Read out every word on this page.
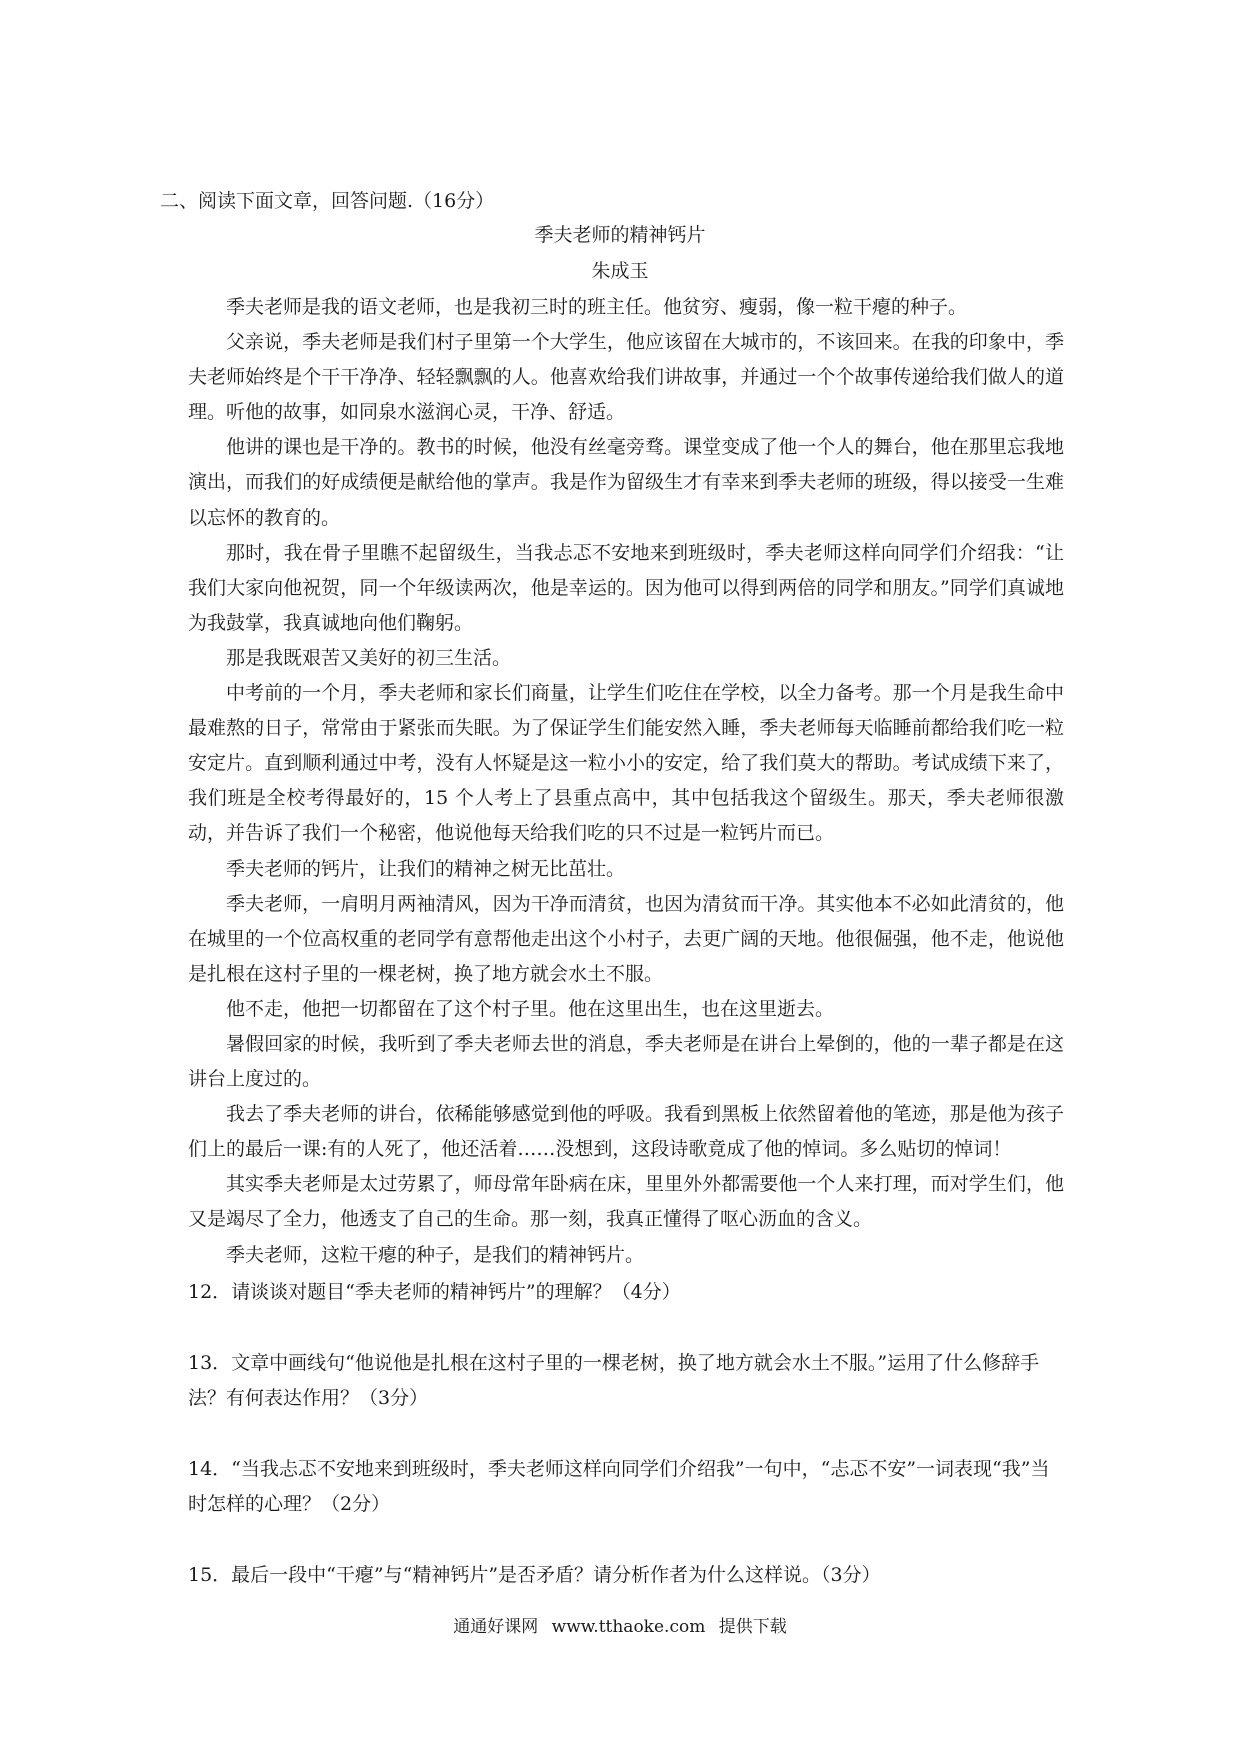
二、阅读下面文章，回答问题.（16分）
季夫老师的精神钙片
朱成玉

季夫老师是我的语文老师，也是我初三时的班主任。他贫穷、瘦弱，像一粒干瘪的种子。

父亲说，季夫老师是我们村子里第一个大学生，他应该留在大城市的，不该回来。在我的印象中，季夫老师始终是个干干净净、轻轻飘飘的人。他喜欢给我们讲故事，并通过一个个故事传递给我们做人的道理。听他的故事，如同泉水滋润心灵，干净、舒适。

他讲的课也是干净的。教书的时候，他没有丝毫旁骛。课堂变成了他一个人的舞台，他在那里忘我地演出，而我们的好成绩便是献给他的掌声。我是作为留级生才有幸来到季夫老师的班级，得以接受一生难以忘怀的教育的。

那时，我在骨子里瞧不起留级生，当我忐忑不安地来到班级时，季夫老师这样向同学们介绍我：“让我们大家向他祝贺，同一个年级读两次，他是幸运的。因为他可以得到两倍的同学和朋友。”同学们真诚地为我鼓掌，我真诚地向他们鞠躬。

那是我既艰苦又美好的初三生活。

中考前的一个月，季夫老师和家长们商量，让学生们吃住在学校，以全力备考。那一个月是我生命中最难熬的日子，常常由于紧张而失眠。为了保证学生们能安然入睡，季夫老师每天临睡前都给我们吃一粒安定片。直到顺利通过中考，没有人怀疑是这一粒小小的安定，给了我们莫大的帮助。考试成绩下来了，我们班是全校考得最好的，15 个人考上了县重点高中，其中包括我这个留级生。那天，季夫老师很激动，并告诉了我们一个秘密，他说他每天给我们吃的只不过是一粒钙片而已。

季夫老师的钙片，让我们的精神之树无比茁壮。

季夫老师，一肩明月两袖清风，因为干净而清贫，也因为清贫而干净。其实他本不必如此清贫的，他在城里的一个位高权重的老同学有意帮他走出这个小村子，去更广阔的天地。他很倔强，他不走，他说他是扎根在这村子里的一棵老树，换了地方就会水土不服。

他不走，他把一切都留在了这个村子里。他在这里出生，也在这里逝去。

暑假回家的时候，我听到了季夫老师去世的消息，季夫老师是在讲台上晕倒的，他的一辈子都是在这讲台上度过的。

我去了季夫老师的讲台，依稀能够感觉到他的呼吸。我看到黑板上依然留着他的笔迹，那是他为孩子们上的最后一课:有的人死了，他还活着……没想到，这段诗歌竟成了他的悼词。多么贴切的悼词！

其实季夫老师是太过劳累了，师母常年卧病在床，里里外外都需要他一个人来打理，而对学生们，他又是竭尽了全力，他透支了自己的生命。那一刻，我真正懂得了呕心沥血的含义。

季夫老师，这粒干瘪的种子，是我们的精神钙片。

12．请谈谈对题目“季夫老师的精神钙片”的理解？（4分）

13．文章中画线句“他说他是扎根在这村子里的一棵老树，换了地方就会水土不服。”运用了什么修辞手法？有何表达作用？（3分）

14．“当我忐忑不安地来到班级时，季夫老师这样向同学们介绍我”一句中，“忐忑不安”一词表现“我”当时怎样的心理？（2分）

15．最后一段中“干瘪”与“精神钙片”是否矛盾？请分析作者为什么这样说。（3分）

通通好课网 www.tthaoke.com 提供下载
